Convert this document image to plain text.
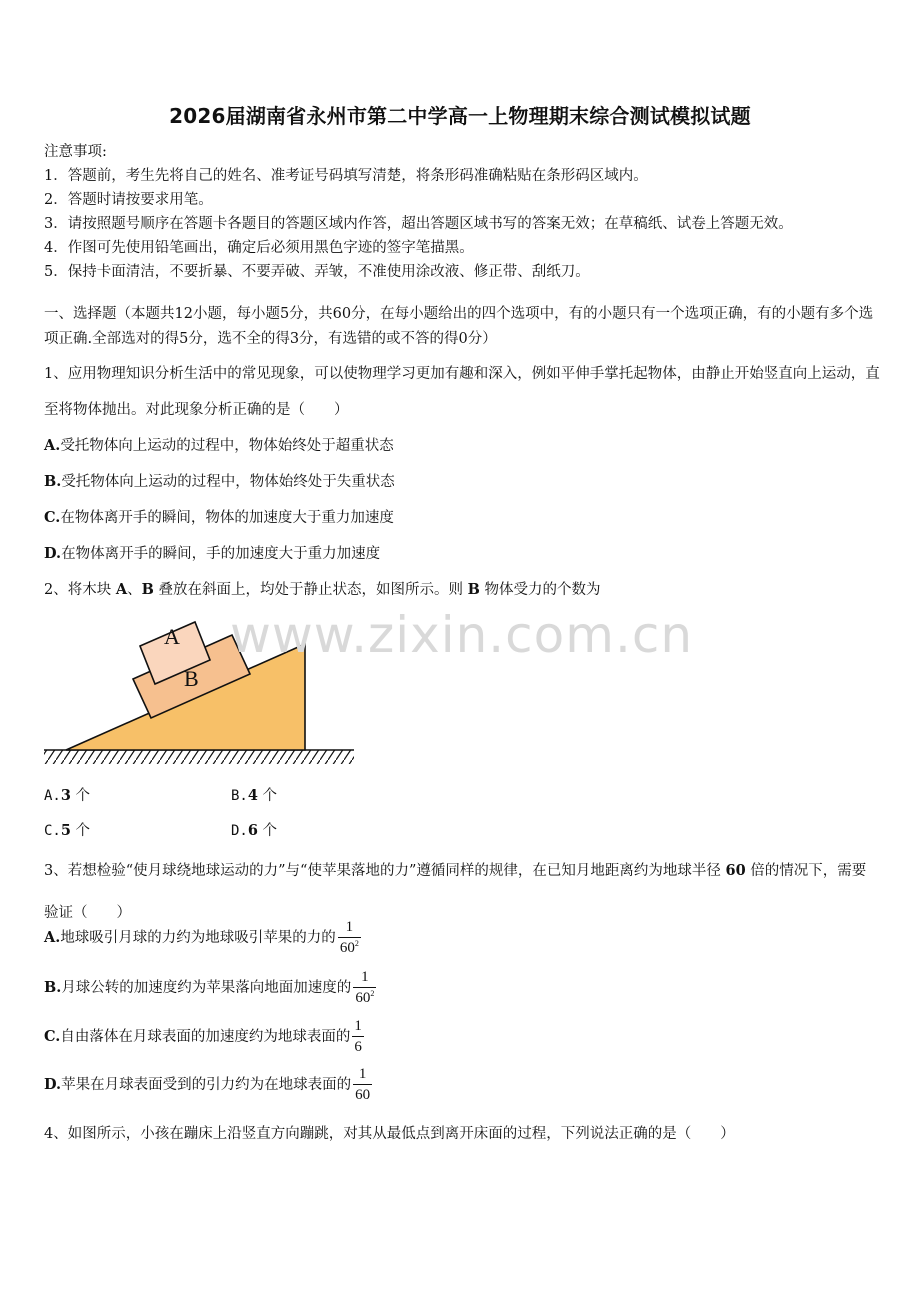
2026届湖南省永州市第二中学高一上物理期末综合测试模拟试题
注意事项:
1．答题前，考生先将自己的姓名、准考证号码填写清楚，将条形码准确粘贴在条形码区域内。
2．答题时请按要求用笔。
3．请按照题号顺序在答题卡各题目的答题区域内作答，超出答题区域书写的答案无效；在草稿纸、试卷上答题无效。
4．作图可先使用铅笔画出，确定后必须用黑色字迹的签字笔描黑。
5．保持卡面清洁，不要折暴、不要弄破、弄皱，不准使用涂改液、修正带、刮纸刀。
一、选择题（本题共12小题，每小题5分，共60分，在每小题给出的四个选项中，有的小题只有一个选项正确，有的小题有多个选项正确.全部选对的得5分，选不全的得3分，有选错的或不答的得0分）
1、应用物理知识分析生活中的常见现象，可以使物理学习更加有趣和深入，例如平伸手掌托起物体，由静止开始竖直向上运动，直至将物体抛出。对此现象分析正确的是（　　）
A.受托物体向上运动的过程中，物体始终处于超重状态
B.受托物体向上运动的过程中，物体始终处于失重状态
C.在物体离开手的瞬间，物体的加速度大于重力加速度
D.在物体离开手的瞬间，手的加速度大于重力加速度
2、将木块 A、B 叠放在斜面上，均处于静止状态，如图所示。则 B 物体受力的个数为
B
A www.zixin.com.cn
A.3 个	B.4 个
C.5 个	D.6 个
3、若想检验“使月球绕地球运动的力”与“使苹果落地的力”遵循同样的规律，在已知月地距离约为地球半径 60 倍的情况下，需要验证（　　）
A.地球吸引月球的力约为地球吸引苹果的力的 $\frac{1}{60^2}$
B.月球公转的加速度约为苹果落向地面加速度的 $\frac{1}{60^2}$
C.自由落体在月球表面的加速度约为地球表面的 $\frac{1}{6}$
D.苹果在月球表面受到的引力约为在地球表面的 $\frac{1}{60}$
4、如图所示，小孩在蹦床上沿竖直方向蹦跳，对其从最低点到离开床面的过程，下列说法正确的是（　　）
